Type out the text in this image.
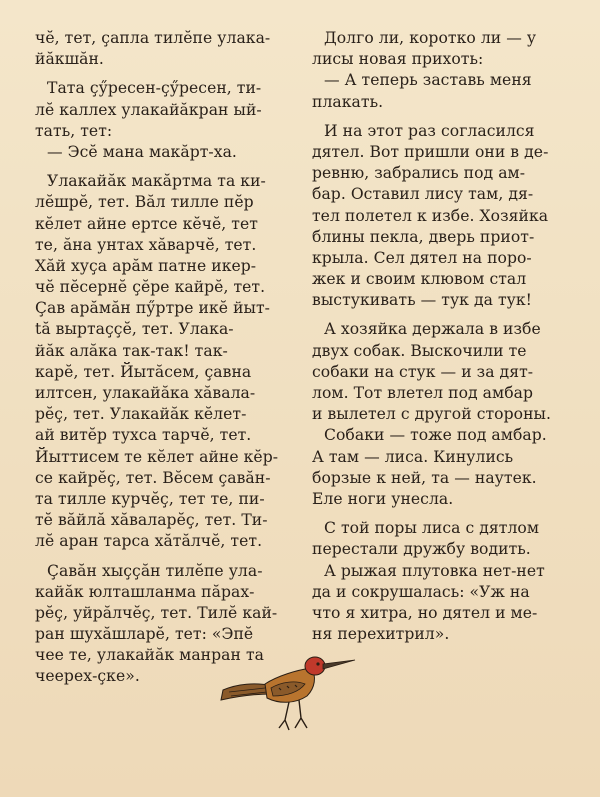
чĕ, тет, ҫапла тилĕпе улака-
йăкшăн.
Тата ҫӳресен-ҫӳресен, ти-
лĕ каллех улакайăкран ый-
тать, тет:
— Эсĕ мана макăрт-ха.
Улакайăк макăртма та ки-
лĕшрĕ, тет. Вăл тилле пĕр
кĕлет айне ертсе кĕчĕ, тет
те, ăна унтах хăварчĕ, тет.
Хăй хуҫа арăм патне икер-
чĕ пĕсернĕ ҫĕре кайрĕ, тет.
Ҫав арăмăн пӳртре икĕ йыт-
tă выртаççĕ, тет. Улака-
йăк алăка так-так! так-
карĕ, тет. Йытăсем, ҫавна
илтсен, улакайăка хăвала-
рĕç, тет. Улакайăк кĕлет-
ай витĕр тухса тарчĕ, тет.
Йыттисем те кĕлет айне кĕр-
се кайрĕç, тет. Вĕсем ҫавăн-
та тилле курчĕç, тет те, пи-
тĕ вăйлă хăвалаpĕç, тет. Ти-
лĕ аран тарса хăтăлчĕ, тет.
Ҫавăн хыççăн тилĕпе ула-
кайăк юлташланма пăрах-
рĕç, уйрăлчĕç, тет. Тилĕ кай-
ран шухăшларĕ, тет: «Эпĕ
чее те, улакайăк манран та
чеерех-çке».
Долго ли, коротко ли — у
лисы новая прихоть:
— А теперь заставь меня
плакать.
И на этот раз согласился
дятел. Вот пришли они в де-
ревню, забрались под ам-
бар. Оставил лису там, дя-
тел полетел к избе. Хозяйка
блины пекла, дверь приот-
крыла. Сел дятел на поро-
жек и своим клювом стал
выстукивать — тук да тук!
А хозяйка держала в избе
двух собак. Выскочили те
собаки на стук — и за дят-
лом. Тот влетел под амбар
и вылетел с другой стороны.
Собаки — тоже под амбар.
А там — лиса. Кинулись
борзые к ней, та — наутек.
Еле ноги унесла.
С той поры лиса с дятлом
перестали дружбу водить.
А рыжая плутовка нет-нет
да и сокрушалась: «Уж на
что я хитра, но дятел и ме-
ня перехитрил».
